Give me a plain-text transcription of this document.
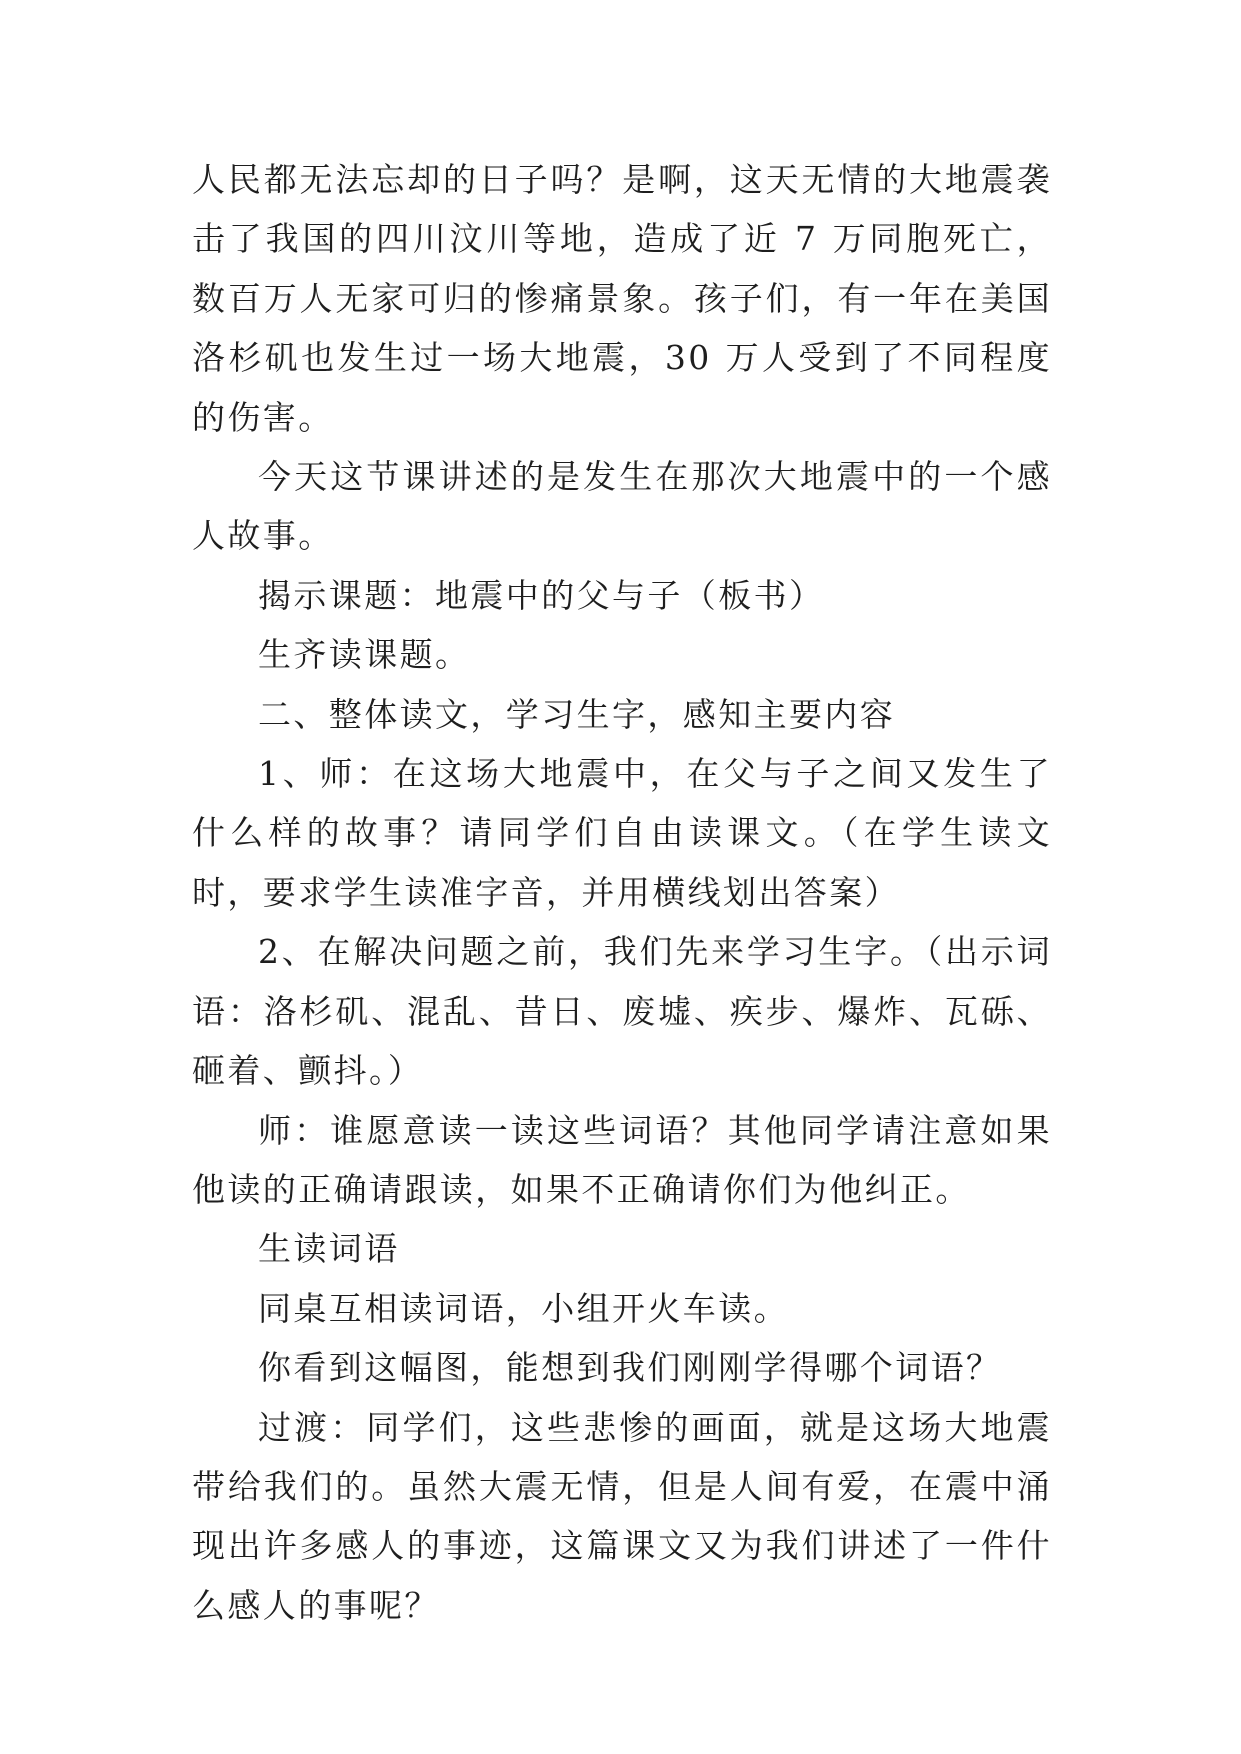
人民都无法忘却的日子吗？是啊，这天无情的大地震袭击了我国的四川汶川等地，造成了近 7 万同胞死亡，数百万人无家可归的惨痛景象。孩子们，有一年在美国洛杉矶也发生过一场大地震，30 万人受到了不同程度的伤害。

今天这节课讲述的是发生在那次大地震中的一个感人故事。

揭示课题：地震中的父与子（板书）

生齐读课题。

二、整体读文，学习生字，感知主要内容

1、师：在这场大地震中，在父与子之间又发生了什么样的故事？请同学们自由读课文。（在学生读文时，要求学生读准字音，并用横线划出答案）

2、在解决问题之前，我们先来学习生字。（出示词语：洛杉矶、混乱、昔日、废墟、疾步、爆炸、瓦砾、砸着、颤抖。）

师：谁愿意读一读这些词语？其他同学请注意如果他读的正确请跟读，如果不正确请你们为他纠正。

生读词语

同桌互相读词语，小组开火车读。

你看到这幅图，能想到我们刚刚学得哪个词语？

过渡：同学们，这些悲惨的画面，就是这场大地震带给我们的。虽然大震无情，但是人间有爱，在震中涌现出许多感人的事迹，这篇课文又为我们讲述了一件什么感人的事呢？
